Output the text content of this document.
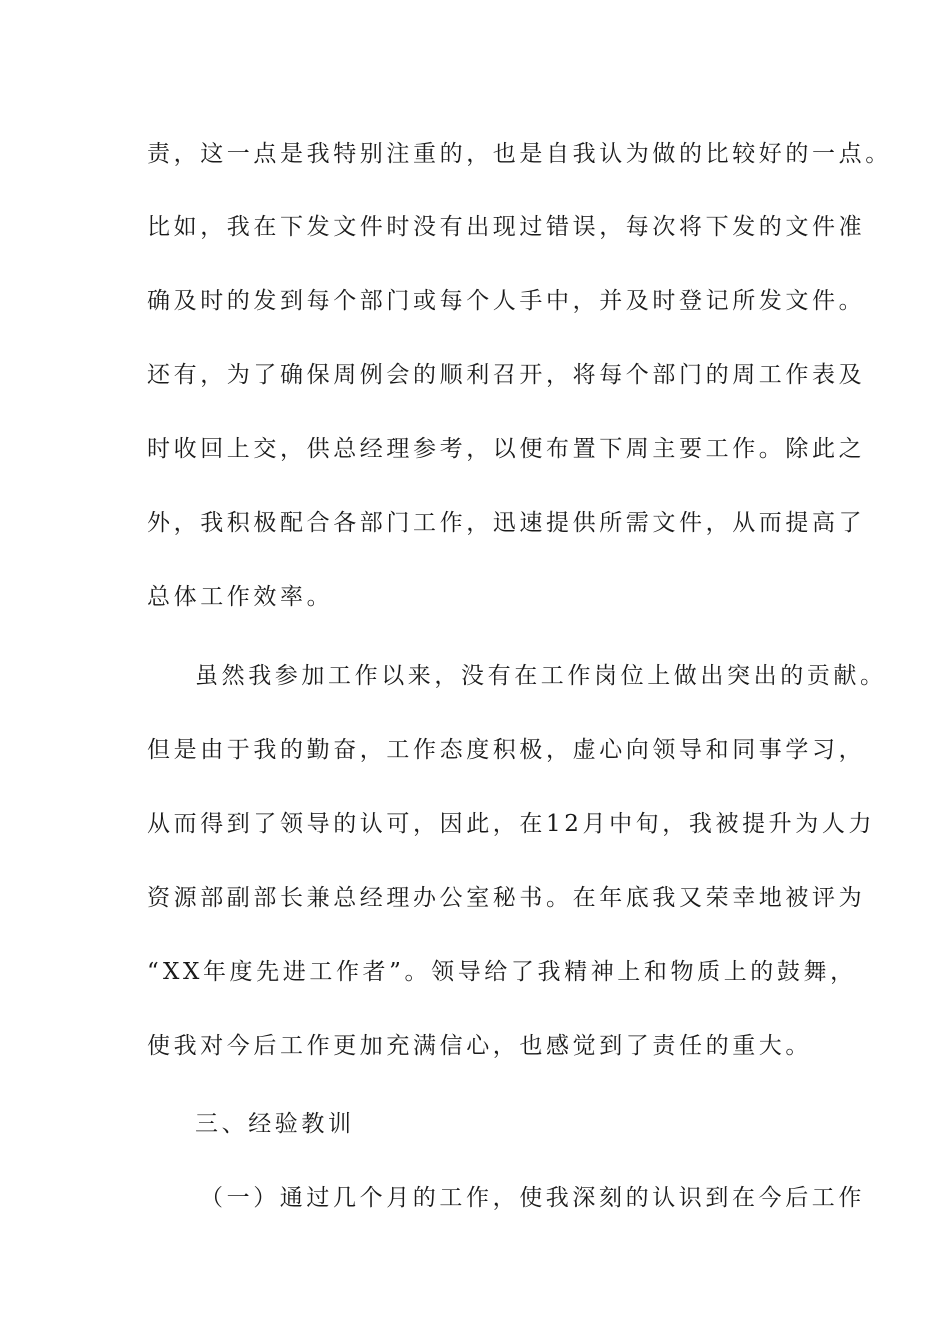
责，这一点是我特别注重的，也是自我认为做的比较好的一点。
比如，我在下发文件时没有出现过错误，每次将下发的文件准
确及时的发到每个部门或每个人手中，并及时登记所发文件。
还有，为了确保周例会的顺利召开，将每个部门的周工作表及
时收回上交，供总经理参考，以便布置下周主要工作。除此之
外，我积极配合各部门工作，迅速提供所需文件，从而提高了
总体工作效率。
虽然我参加工作以来，没有在工作岗位上做出突出的贡献。
但是由于我的勤奋，工作态度积极，虚心向领导和同事学习，
从而得到了领导的认可，因此，在12月中旬，我被提升为人力
资源部副部长兼总经理办公室秘书。在年底我又荣幸地被评为
“XX年度先进工作者”。领导给了我精神上和物质上的鼓舞，
使我对今后工作更加充满信心，也感觉到了责任的重大。
三、经验教训
（一）通过几个月的工作，使我深刻的认识到在今后工作
